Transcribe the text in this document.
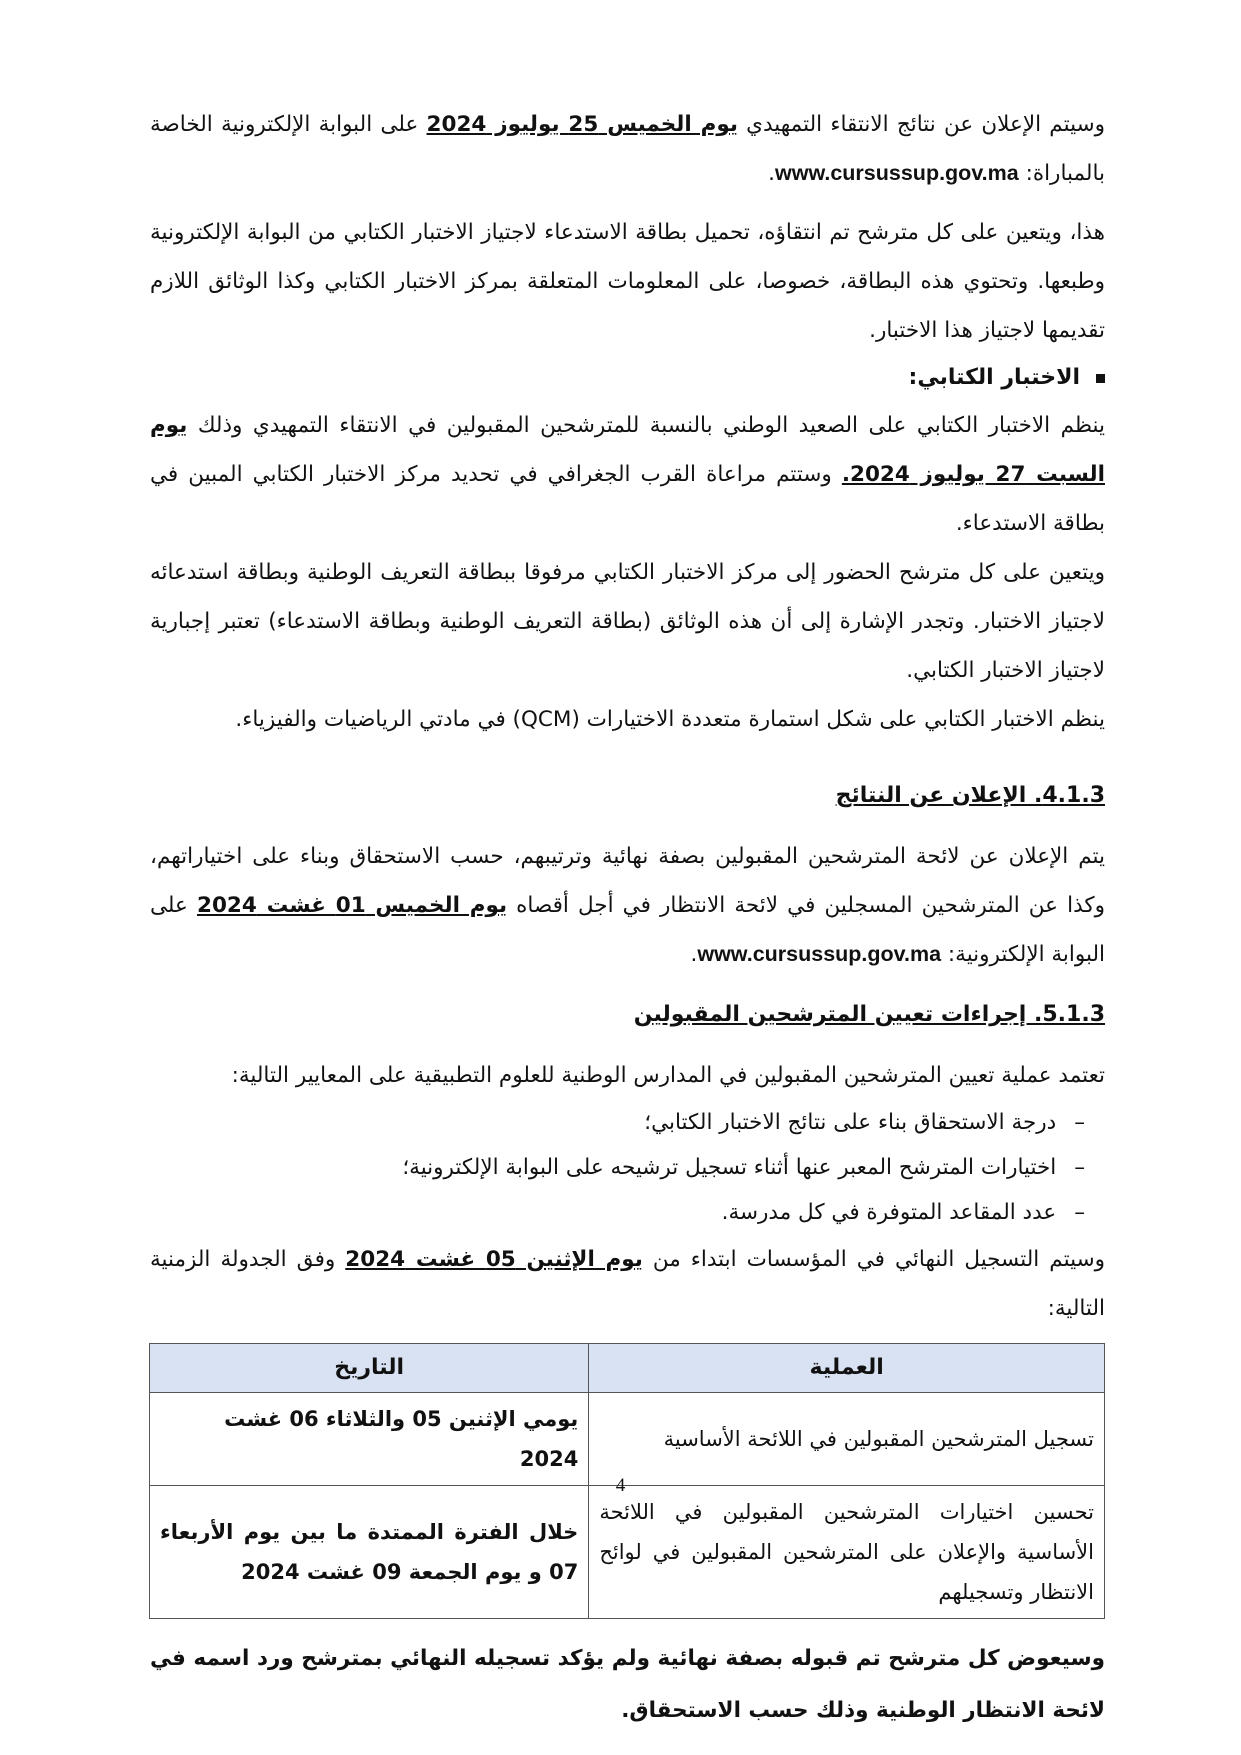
وسيتم الإعلان عن نتائج الانتقاء التمهيدي يوم الخميس 25 يوليوز 2024 على البوابة الإلكترونية الخاصة بالمباراة: www.cursussup.gov.ma.

هذا، ويتعين على كل مترشح تم انتقاؤه، تحميل بطاقة الاستدعاء لاجتياز الاختبار الكتابي من البوابة الإلكترونية وطبعها. وتحتوي هذه البطاقة، خصوصا، على المعلومات المتعلقة بمركز الاختبار الكتابي وكذا الوثائق اللازم تقديمها لاجتياز هذا الاختبار.

الاختبار الكتابي:

ينظم الاختبار الكتابي على الصعيد الوطني بالنسبة للمترشحين المقبولين في الانتقاء التمهيدي وذلك يوم السبت 27 يوليوز 2024. وستتم مراعاة القرب الجغرافي في تحديد مركز الاختبار الكتابي المبين في بطاقة الاستدعاء.

ويتعين على كل مترشح الحضور إلى مركز الاختبار الكتابي مرفوقا ببطاقة التعريف الوطنية وبطاقة استدعائه لاجتياز الاختبار. وتجدر الإشارة إلى أن هذه الوثائق (بطاقة التعريف الوطنية وبطاقة الاستدعاء) تعتبر إجبارية لاجتياز الاختبار الكتابي.

ينظم الاختبار الكتابي على شكل استمارة متعددة الاختيارات (QCM) في مادتي الرياضيات والفيزياء.

4.1.3. الإعلان عن النتائج

يتم الإعلان عن لائحة المترشحين المقبولين بصفة نهائية وترتيبهم، حسب الاستحقاق وبناء على اختياراتهم، وكذا عن المترشحين المسجلين في لائحة الانتظار في أجل أقصاه يوم الخميس 01 غشت 2024 على البوابة الإلكترونية: www.cursussup.gov.ma.

5.1.3. إجراءات تعيين المترشحين المقبولين

تعتمد عملية تعيين المترشحين المقبولين في المدارس الوطنية للعلوم التطبيقية على المعايير التالية:

–
درجة الاستحقاق بناء على نتائج الاختبار الكتابي؛
–
اختيارات المترشح المعبر عنها أثناء تسجيل ترشيحه على البوابة الإلكترونية؛
–
عدد المقاعد المتوفرة في كل مدرسة.

وسيتم التسجيل النهائي في المؤسسات ابتداء من يوم الإثنين 05 غشت 2024 وفق الجدولة الزمنية التالية:

العملية	التاريخ
تسجيل المترشحين المقبولين في اللائحة الأساسية	يومي الإثنين 05 والثلاثاء 06 غشت 2024
تحسين اختيارات المترشحين المقبولين في اللائحة الأساسية والإعلان على المترشحين المقبولين في لوائح الانتظار وتسجيلهم	خلال الفترة الممتدة ما بين يوم الأربعاء 07 و يوم الجمعة 09 غشت 2024

وسيعوض كل مترشح تم قبوله بصفة نهائية ولم يؤكد تسجيله النهائي بمترشح ورد اسمه في لائحة الانتظار الوطنية وذلك حسب الاستحقاق.

4
